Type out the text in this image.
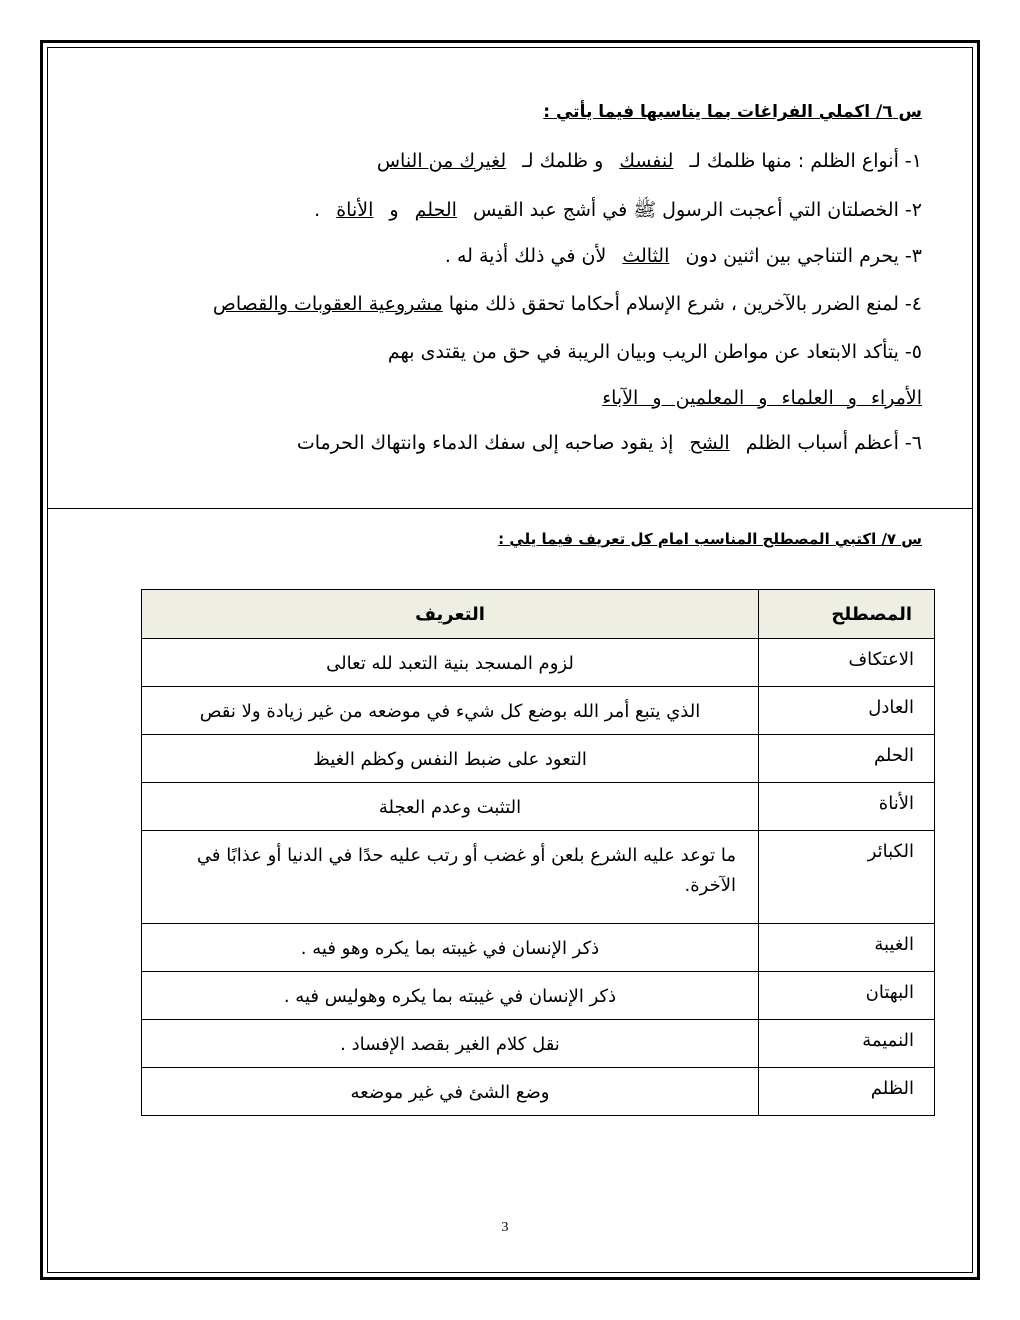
س ٦/ اكملي الفراغات بما يناسبها فيما يأتي :
١- أنواع الظلم : منها ظلمك لـ لنفسك و ظلمك لـ لغيرك من الناس
٢- الخصلتان التي أعجبت الرسول ﷺ في أشج عبد القيس الحلم و الأناة .
٣- يحرم التناجي بين اثنين دون الثالث لأن في ذلك أذية له .
٤- لمنع الضرر بالآخرين ، شرع الإسلام أحكاما تحقق ذلك منها مشروعية العقوبات والقصاص
٥- يتأكد الابتعاد عن مواطن الريب وبيان الريبة في حق من يقتدى بهم
الأمراء و العلماء و المعلمين و الآباء
٦- أعظم أسباب الظلم الشح إذ يقود صاحبه إلى سفك الدماء وانتهاك الحرمات
س ٧/ اكتبي المصطلح المناسب امام كل تعريف فيما يلي :
المصطلح	التعريف
الاعتكاف	لزوم المسجد بنية التعبد لله تعالى
العادل	الذي يتبع أمر الله بوضع كل شيء في موضعه من غير زيادة ولا نقص
الحلم	التعود على ضبط النفس وكظم الغيظ
الأناة	التثبت وعدم العجلة
الكبائر	ما توعد عليه الشرع بلعن أو غضب أو رتب عليه حدًا في الدنيا أو عذابًا في الآخرة.
الغيبة	ذكر الإنسان في غيبته بما يكره وهو فيه .
البهتان	ذكر الإنسان في غيبته بما يكره وهوليس فيه .
النميمة	نقل كلام الغير بقصد الإفساد .
الظلم	وضع الشئ في غير موضعه
3
